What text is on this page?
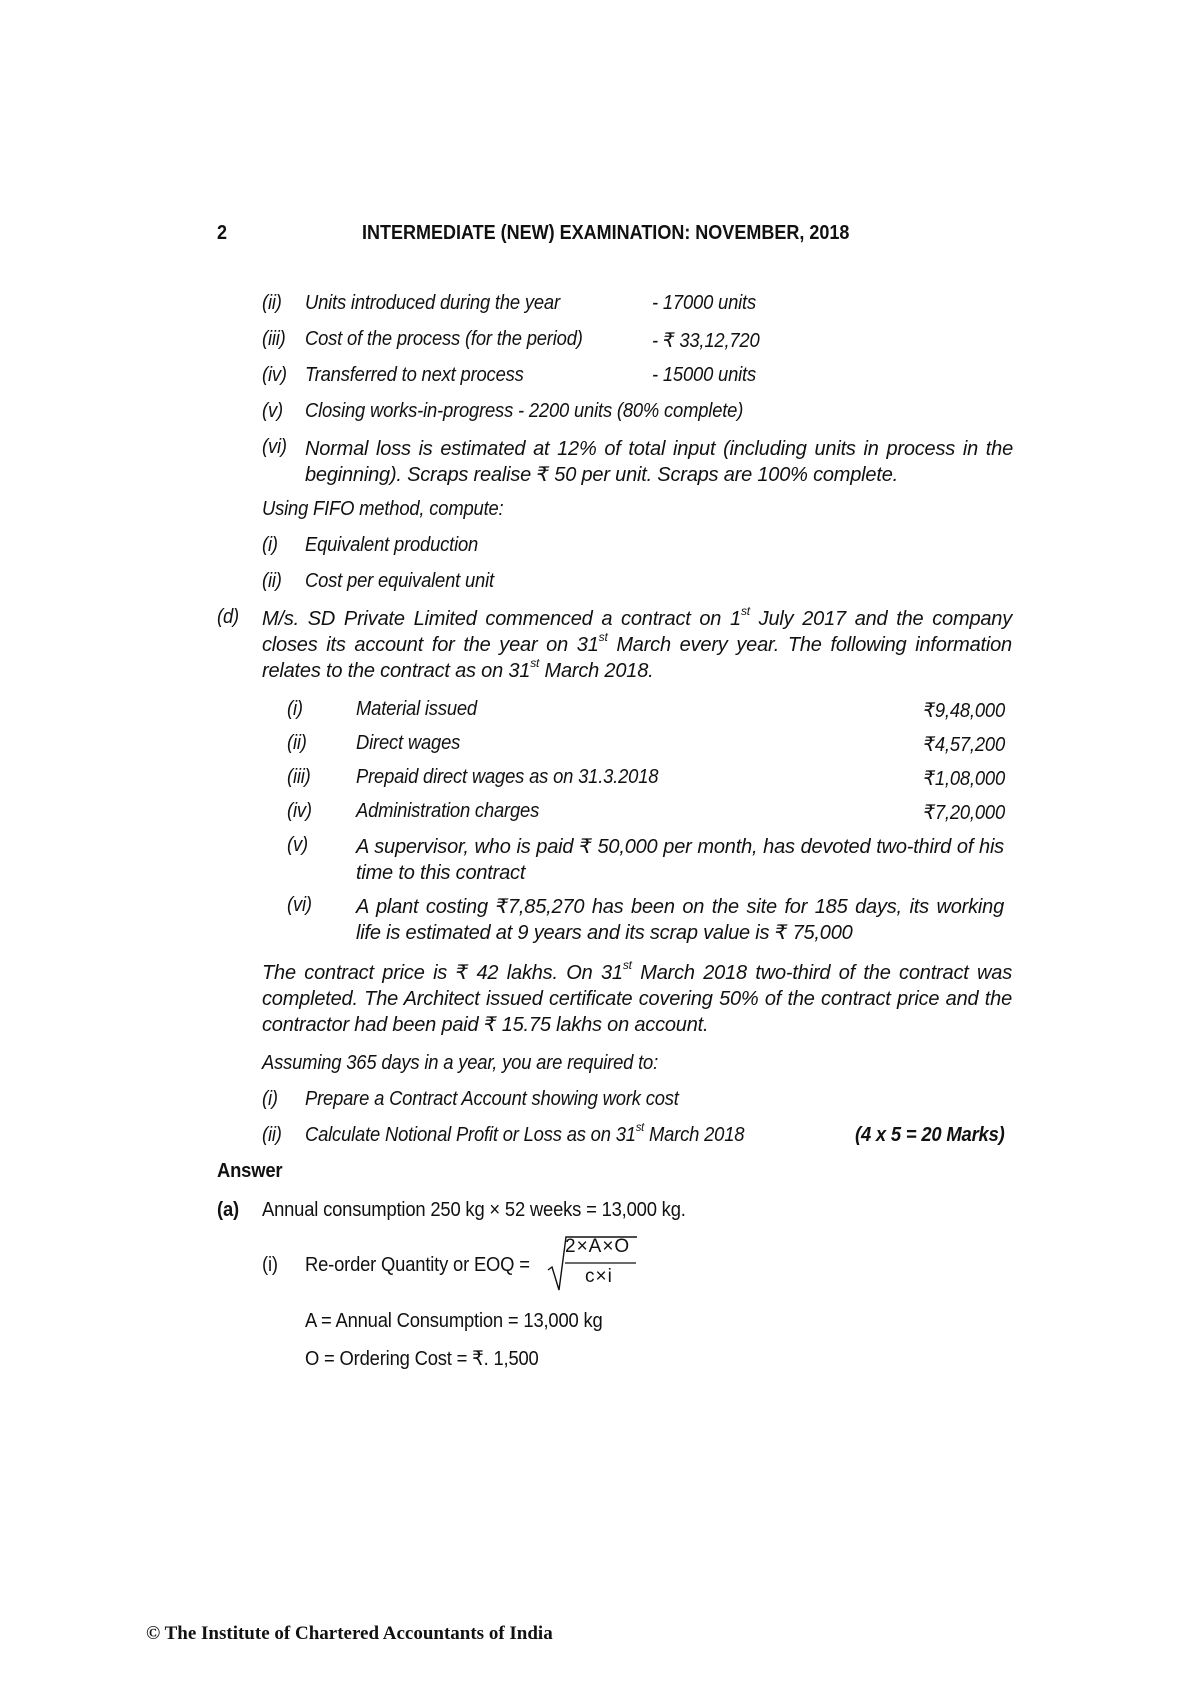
2	INTERMEDIATE (NEW) EXAMINATION: NOVEMBER, 2018
(ii) Units introduced during the year	- 17000 units
(iii) Cost of the process (for the period)	- ₹ 33,12,720
(iv) Transferred to next process	- 15000 units
(v) Closing works-in-progress - 2200 units (80% complete)
(vi) Normal loss is estimated at 12% of total input (including units in process in the beginning). Scraps realise ₹ 50 per unit. Scraps are 100% complete.
Using FIFO method, compute:
(i) Equivalent production
(ii) Cost per equivalent unit
(d) M/s. SD Private Limited commenced a contract on 1st July 2017 and the company closes its account for the year on 31st March every year. The following information relates to the contract as on 31st March 2018.
(i)	Material issued	₹9,48,000
(ii) Direct wages	₹4,57,200
(iii) Prepaid direct wages as on 31.3.2018	₹1,08,000
(iv) Administration charges	₹7,20,000
(v) A supervisor, who is paid ₹ 50,000 per month, has devoted two-third of his time to this contract
(vi) A plant costing ₹7,85,270 has been on the site for 185 days, its working life is estimated at 9 years and its scrap value is ₹ 75,000
The contract price is ₹ 42 lakhs. On 31st March 2018 two-third of the contract was completed. The Architect issued certificate covering 50% of the contract price and the contractor had been paid ₹ 15.75 lakhs on account.
Assuming 365 days in a year, you are required to:
(i) Prepare a Contract Account showing work cost
(ii) Calculate Notional Profit or Loss as on 31st March 2018	(4 x 5 = 20 Marks)
Answer
(a) Annual consumption 250 kg × 52 weeks = 13,000 kg.
(i) Re-order Quantity or EOQ =
2×A×O
c×i
A = Annual Consumption = 13,000 kg
O = Ordering Cost = ₹. 1,500
© The Institute of Chartered Accountants of India
